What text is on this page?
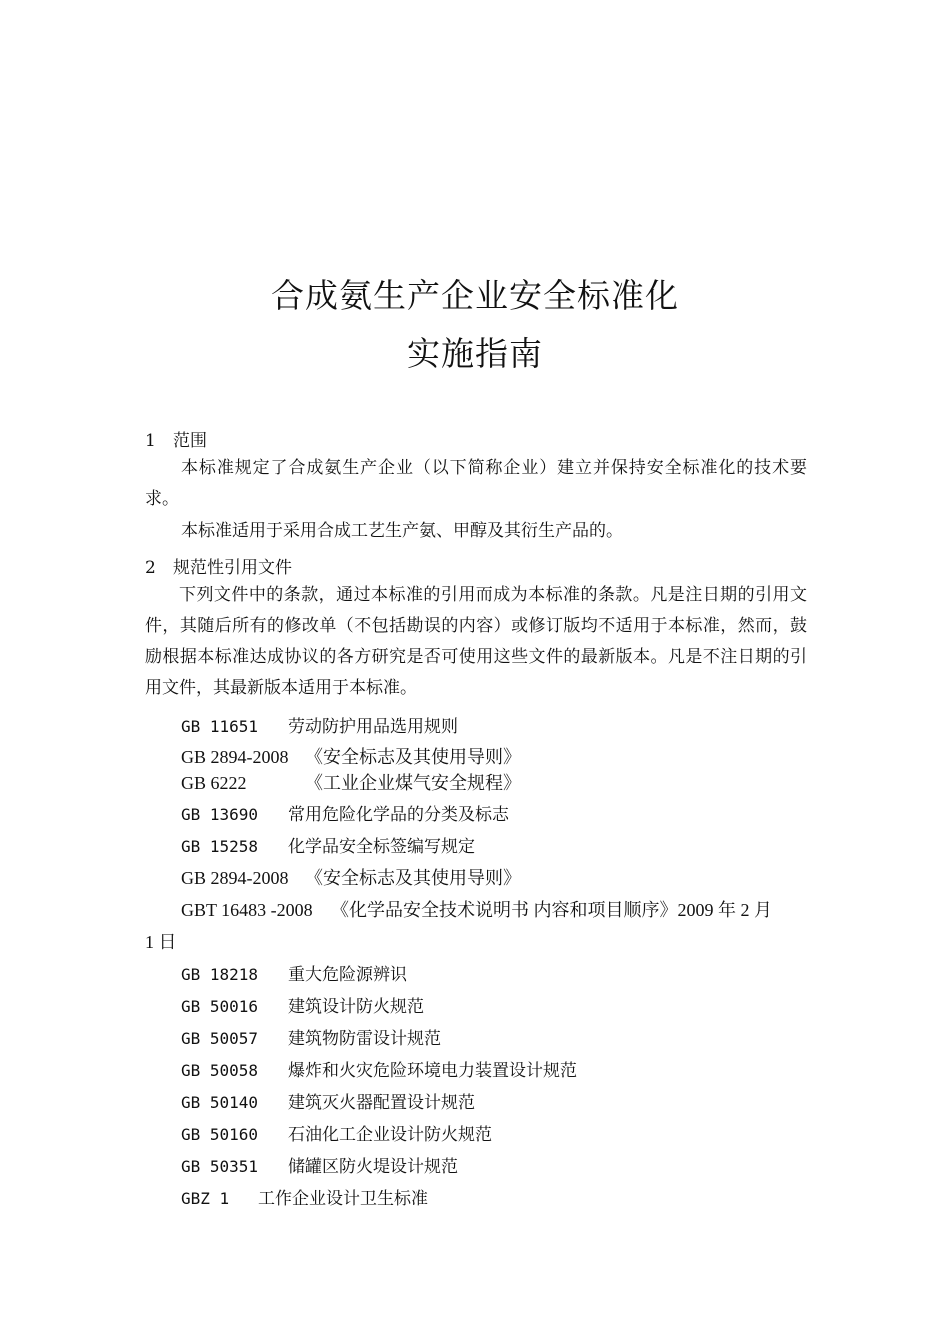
合成氨生产企业安全标准化
实施指南
1 范围

本标准规定了合成氨生产企业（以下简称企业）建立并保持安全标准化的技术要求。

本标准适用于采用合成工艺生产氨、甲醇及其衍生产品的。

2 规范性引用文件

下列文件中的条款，通过本标准的引用而成为本标准的条款。凡是注日期的引用文件，其随后所有的修改单（不包括勘误的内容）或修订版均不适用于本标准，然而，鼓励根据本标准达成协议的各方研究是否可使用这些文件的最新版本。凡是不注日期的引用文件，其最新版本适用于本标准。

GB 11651 劳动防护用品选用规则
GB 2894-2008 《安全标志及其使用导则》
GB 6222	《工业企业煤气安全规程》
GB 13690 常用危险化学品的分类及标志
GB 15258 化学品安全标签编写规定
GB 2894-2008 《安全标志及其使用导则》
GBT 16483 -2008 《化学品安全技术说明书 内容和项目顺序》2009 年 2 月
1 日
GB 18218 重大危险源辨识
GB 50016 建筑设计防火规范
GB 50057 建筑物防雷设计规范
GB 50058 爆炸和火灾危险环境电力装置设计规范
GB 50140 建筑灭火器配置设计规范
GB 50160 石油化工企业设计防火规范
GB 50351 储罐区防火堤设计规范
GBZ 1 工作企业设计卫生标准
